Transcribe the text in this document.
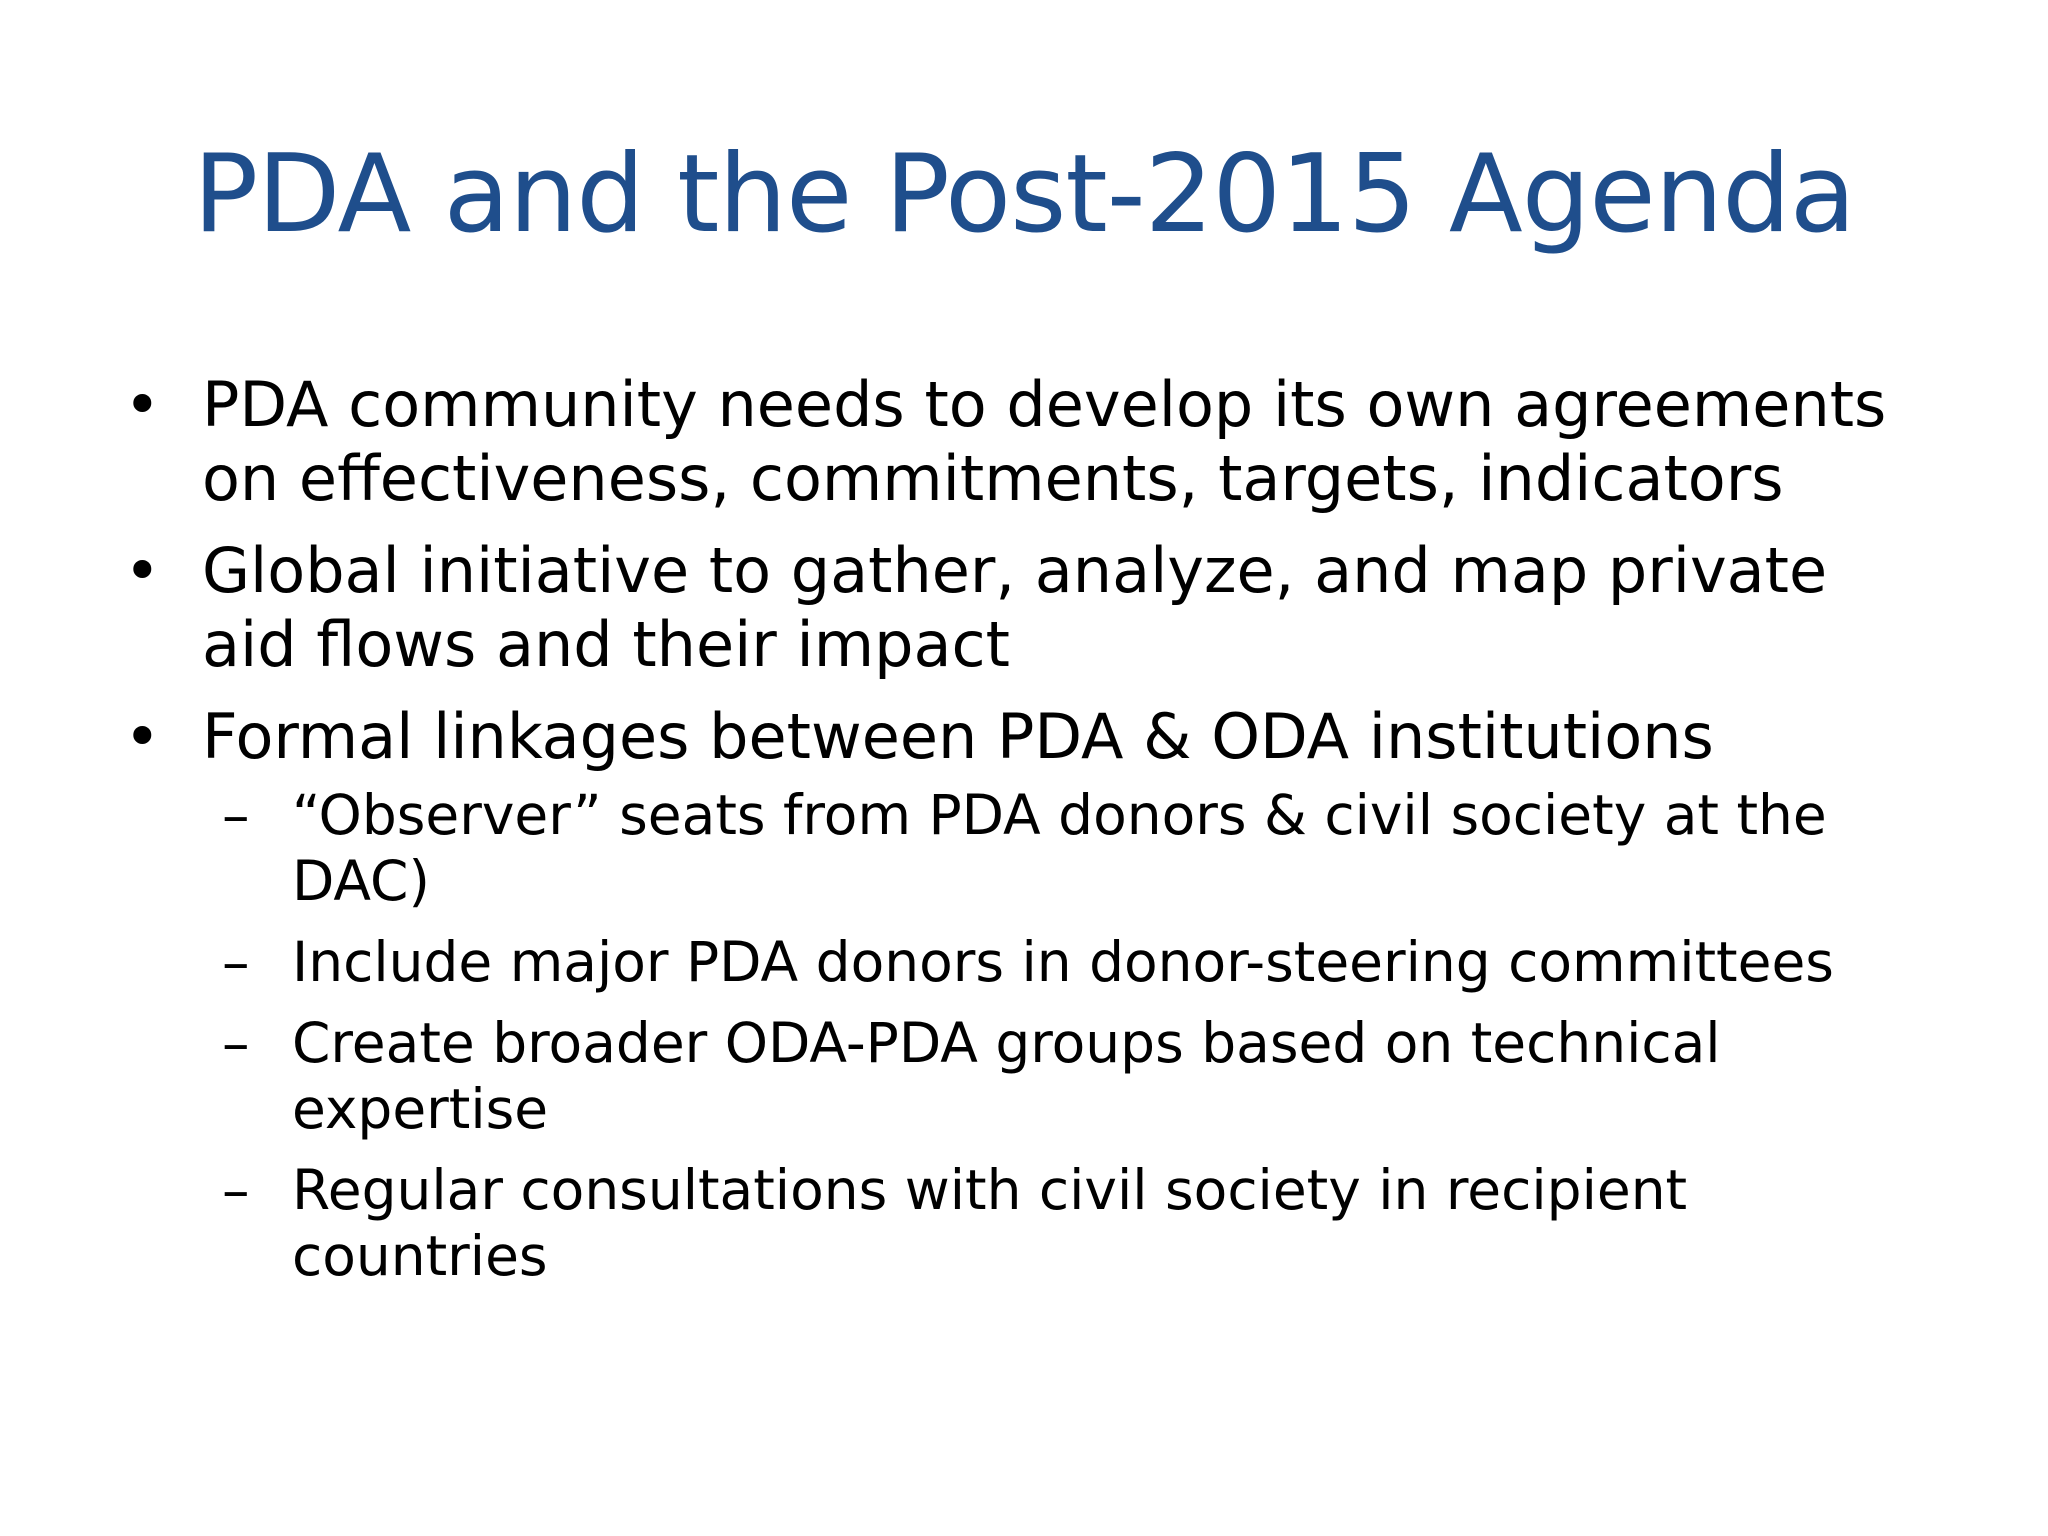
PDA and the Post-2015 Agenda
• PDA community needs to develop its own agreements on effectiveness, commitments, targets, indicators
• Global initiative to gather, analyze, and map private aid flows and their impact
• Formal linkages between PDA & ODA institutions
– “Observer” seats from PDA donors & civil society at the DAC)
– Include major PDA donors in donor-steering committees
– Create broader ODA-PDA groups based on technical expertise
– Regular consultations with civil society in recipient countries
